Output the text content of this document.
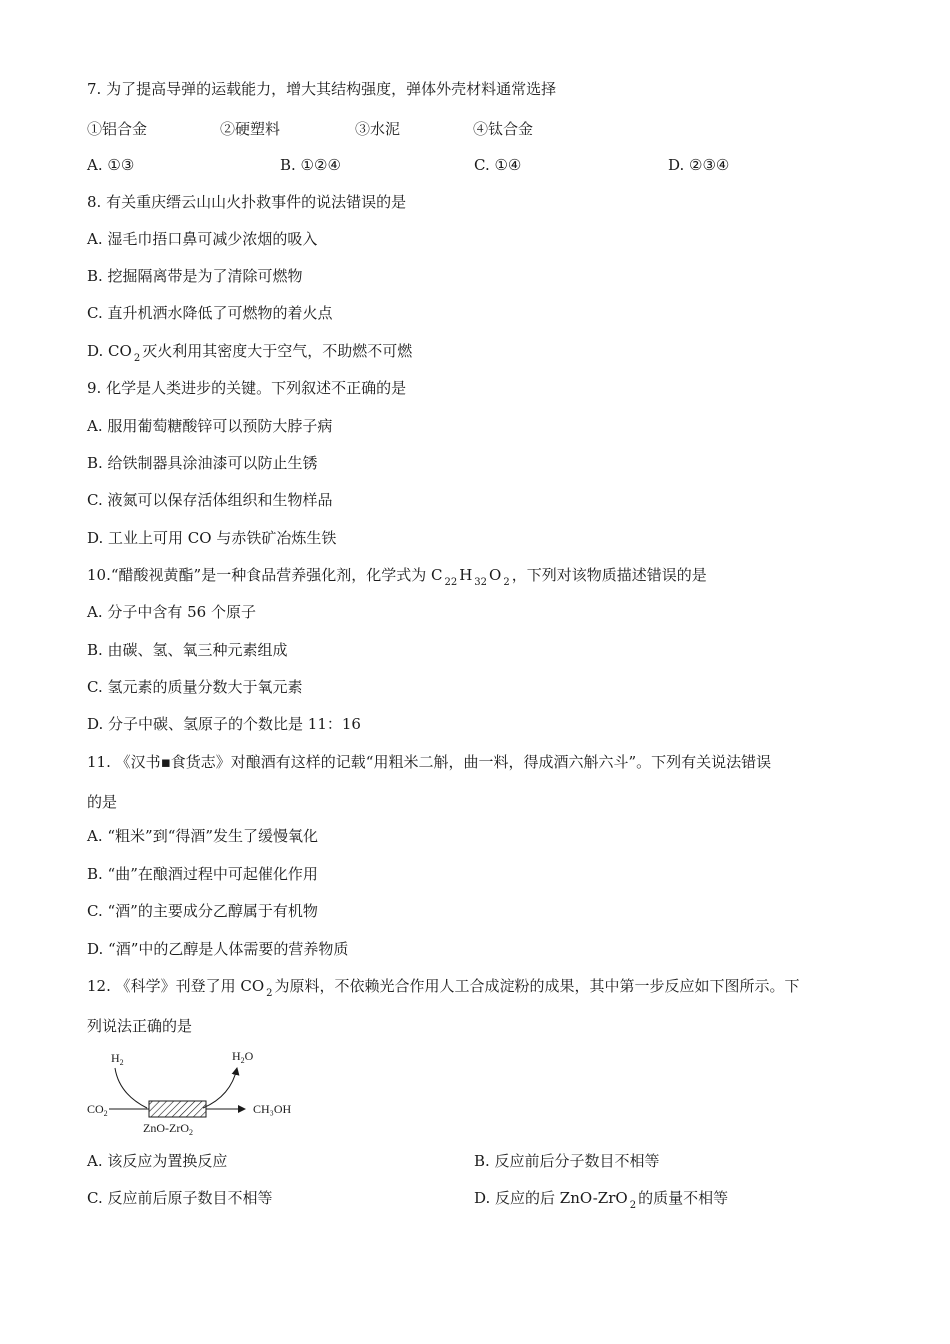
7. 为了提高导弹的运载能力，增大其结构强度，弹体外壳材料通常选择
①铝合金	②硬塑料	③水泥	④钛合金
A. ①③	B. ①②④	C. ①④	D. ②③④
8. 有关重庆缙云山山火扑救事件的说法错误的是
A. 湿毛巾捂口鼻可减少浓烟的吸入
B. 挖掘隔离带是为了清除可燃物
C. 直升机洒水降低了可燃物的着火点
D. CO $_2$ 灭火利用其密度大于空气，不助燃不可燃
9. 化学是人类进步的关键。下列叙述不正确的是
A. 服用葡萄糖酸锌可以预防大脖子病
B. 给铁制器具涂油漆可以防止生锈
C. 液氮可以保存活体组织和生物样品
D. 工业上可用 CO 与赤铁矿冶炼生铁
10.“醋酸视黄酯”是一种食品营养强化剂，化学式为 C $_{22}$ H $_{32}$ O $_2$ ，下列对该物质描述错误的是
A. 分子中含有 56 个原子
B. 由碳、氢、氧三种元素组成
C. 氢元素的质量分数大于氧元素
D. 分子中碳、氢原子的个数比是 11：16
11. 《汉书▪食货志》对酿酒有这样的记载“用粗米二斛，曲一料，得成酒六斛六斗”。下列有关说法错误
的是
A. “粗米”到“得酒”发生了缓慢氧化
B. “曲”在酿酒过程中可起催化作用
C. “酒”的主要成分乙醇属于有机物
D. “酒”中的乙醇是人体需要的营养物质
12. 《科学》刊登了用 CO $_2$ 为原料，不依赖光合作用人工合成淀粉的成果，其中第一步反应如下图所示。下
列说法正确的是
$H_2$	$H_2O$
$CO_2$	CH₃OH
ZnO-ZrO$_2$
A. 该反应为置换反应	B. 反应前后分子数目不相等
C. 反应前后原子数目不相等	D. 反应的后 ZnO-ZrO $_2$ 的质量不相等
